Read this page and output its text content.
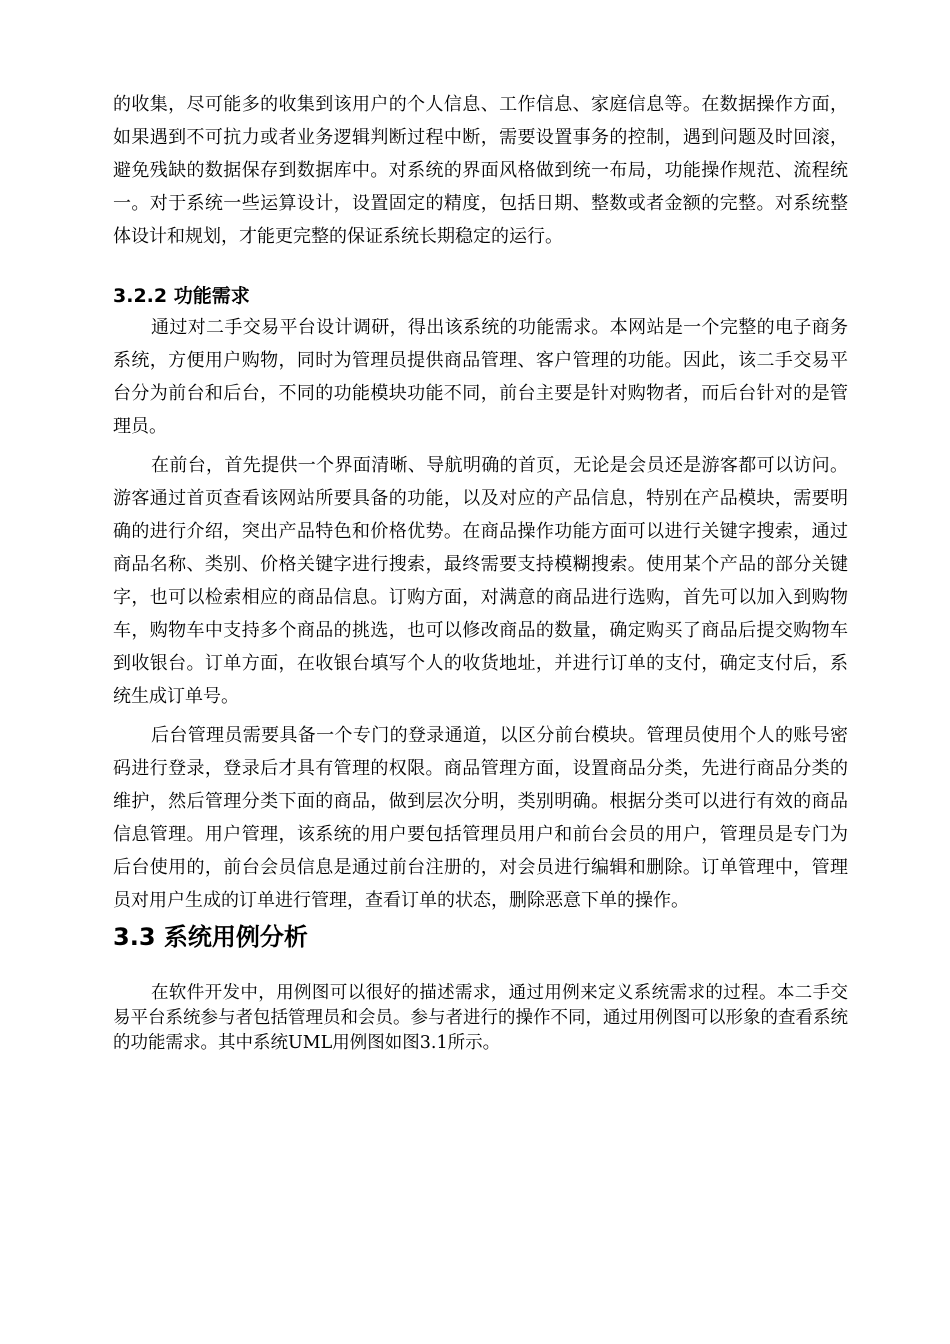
的收集，尽可能多的收集到该用户的个人信息、工作信息、家庭信息等。在数据操作方面，如果遇到不可抗力或者业务逻辑判断过程中断，需要设置事务的控制，遇到问题及时回滚，避免残缺的数据保存到数据库中。对系统的界面风格做到统一布局，功能操作规范、流程统一。对于系统一些运算设计，设置固定的精度，包括日期、整数或者金额的完整。对系统整体设计和规划，才能更完整的保证系统长期稳定的运行。

3.2.2 功能需求

通过对二手交易平台设计调研，得出该系统的功能需求。本网站是一个完整的电子商务系统，方便用户购物，同时为管理员提供商品管理、客户管理的功能。因此，该二手交易平台分为前台和后台，不同的功能模块功能不同，前台主要是针对购物者，而后台针对的是管理员。

在前台，首先提供一个界面清晰、导航明确的首页，无论是会员还是游客都可以访问。游客通过首页查看该网站所要具备的功能，以及对应的产品信息，特别在产品模块，需要明确的进行介绍，突出产品特色和价格优势。在商品操作功能方面可以进行关键字搜索，通过商品名称、类别、价格关键字进行搜索，最终需要支持模糊搜索。使用某个产品的部分关键字，也可以检索相应的商品信息。订购方面，对满意的商品进行选购，首先可以加入到购物车，购物车中支持多个商品的挑选，也可以修改商品的数量，确定购买了商品后提交购物车到收银台。订单方面，在收银台填写个人的收货地址，并进行订单的支付，确定支付后，系统生成订单号。

后台管理员需要具备一个专门的登录通道，以区分前台模块。管理员使用个人的账号密码进行登录，登录后才具有管理的权限。商品管理方面，设置商品分类，先进行商品分类的维护，然后管理分类下面的商品，做到层次分明，类别明确。根据分类可以进行有效的商品信息管理。用户管理，该系统的用户要包括管理员用户和前台会员的用户，管理员是专门为后台使用的，前台会员信息是通过前台注册的，对会员进行编辑和删除。订单管理中，管理员对用户生成的订单进行管理，查看订单的状态，删除恶意下单的操作。

3.3 系统用例分析

在软件开发中，用例图可以很好的描述需求，通过用例来定义系统需求的过程。本二手交易平台系统参与者包括管理员和会员。参与者进行的操作不同，通过用例图可以形象的查看系统的功能需求。其中系统UML用例图如图3.1所示。
